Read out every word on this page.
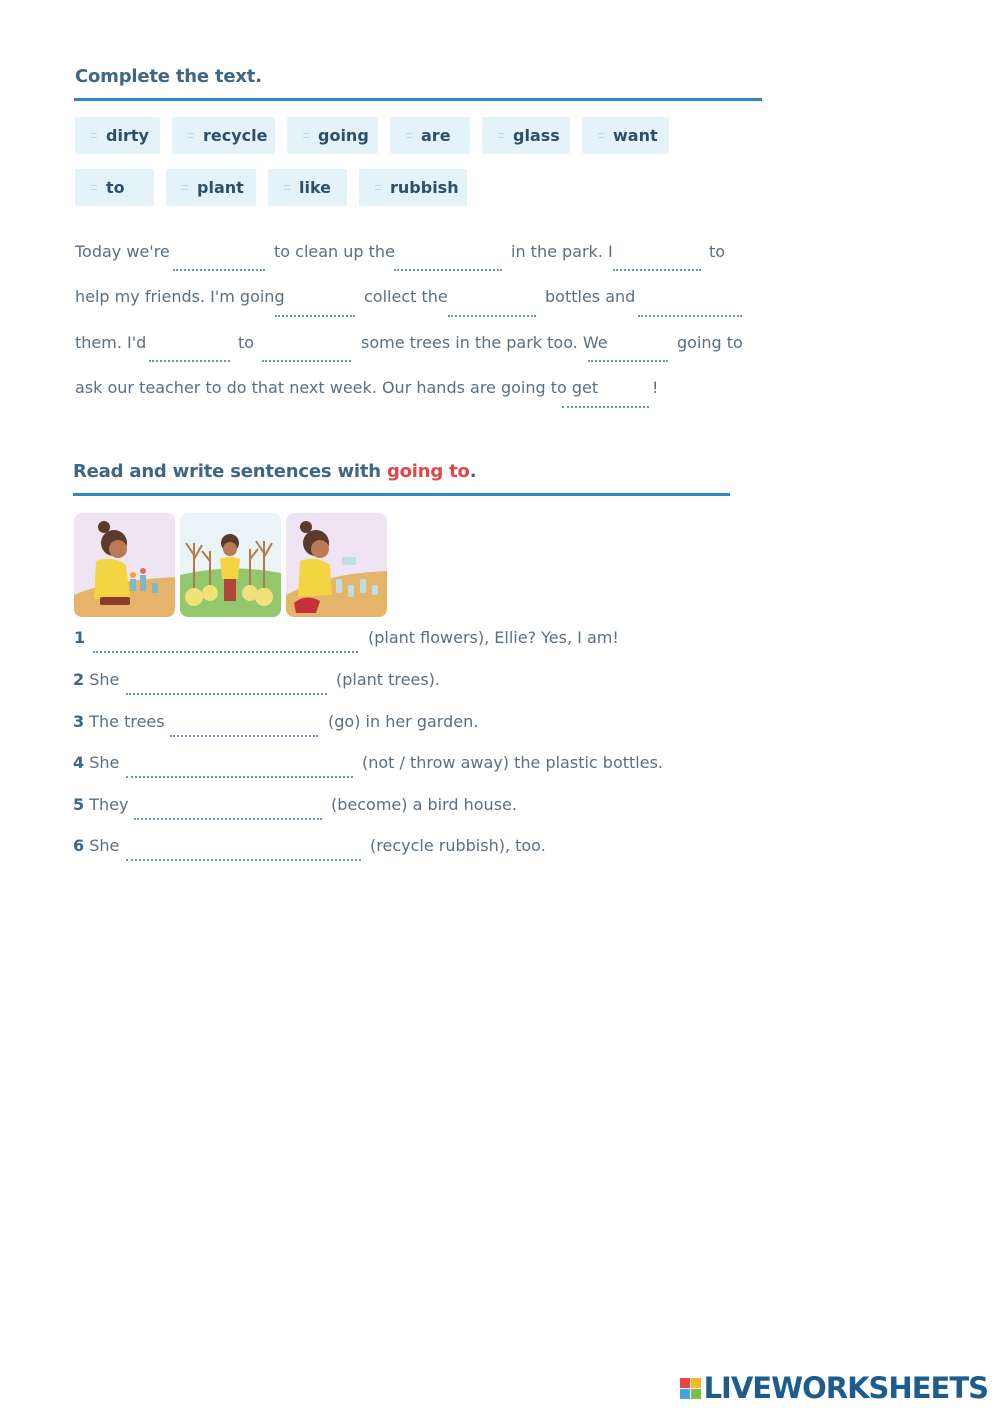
Complete the text.
dirty	recycle	going	are	glass	want
to	plant	like	rubbish
Today we're	to clean up the	in the park. I	to
help my friends. I'm going	collect the	bottles and
them. I'd	to	some trees in the park too. We	going to
ask our teacher to do that next week. Our hands are going to get	!
Read and write sentences with going to.
1	(plant flowers), Ellie? Yes, I am!
2 She	(plant trees).
3 The trees	(go) in her garden.
4 She	(not / throw away) the plastic bottles.
5 They	(become) a bird house.
6 She	(recycle rubbish), too.
LIVEWORKSHEETS
